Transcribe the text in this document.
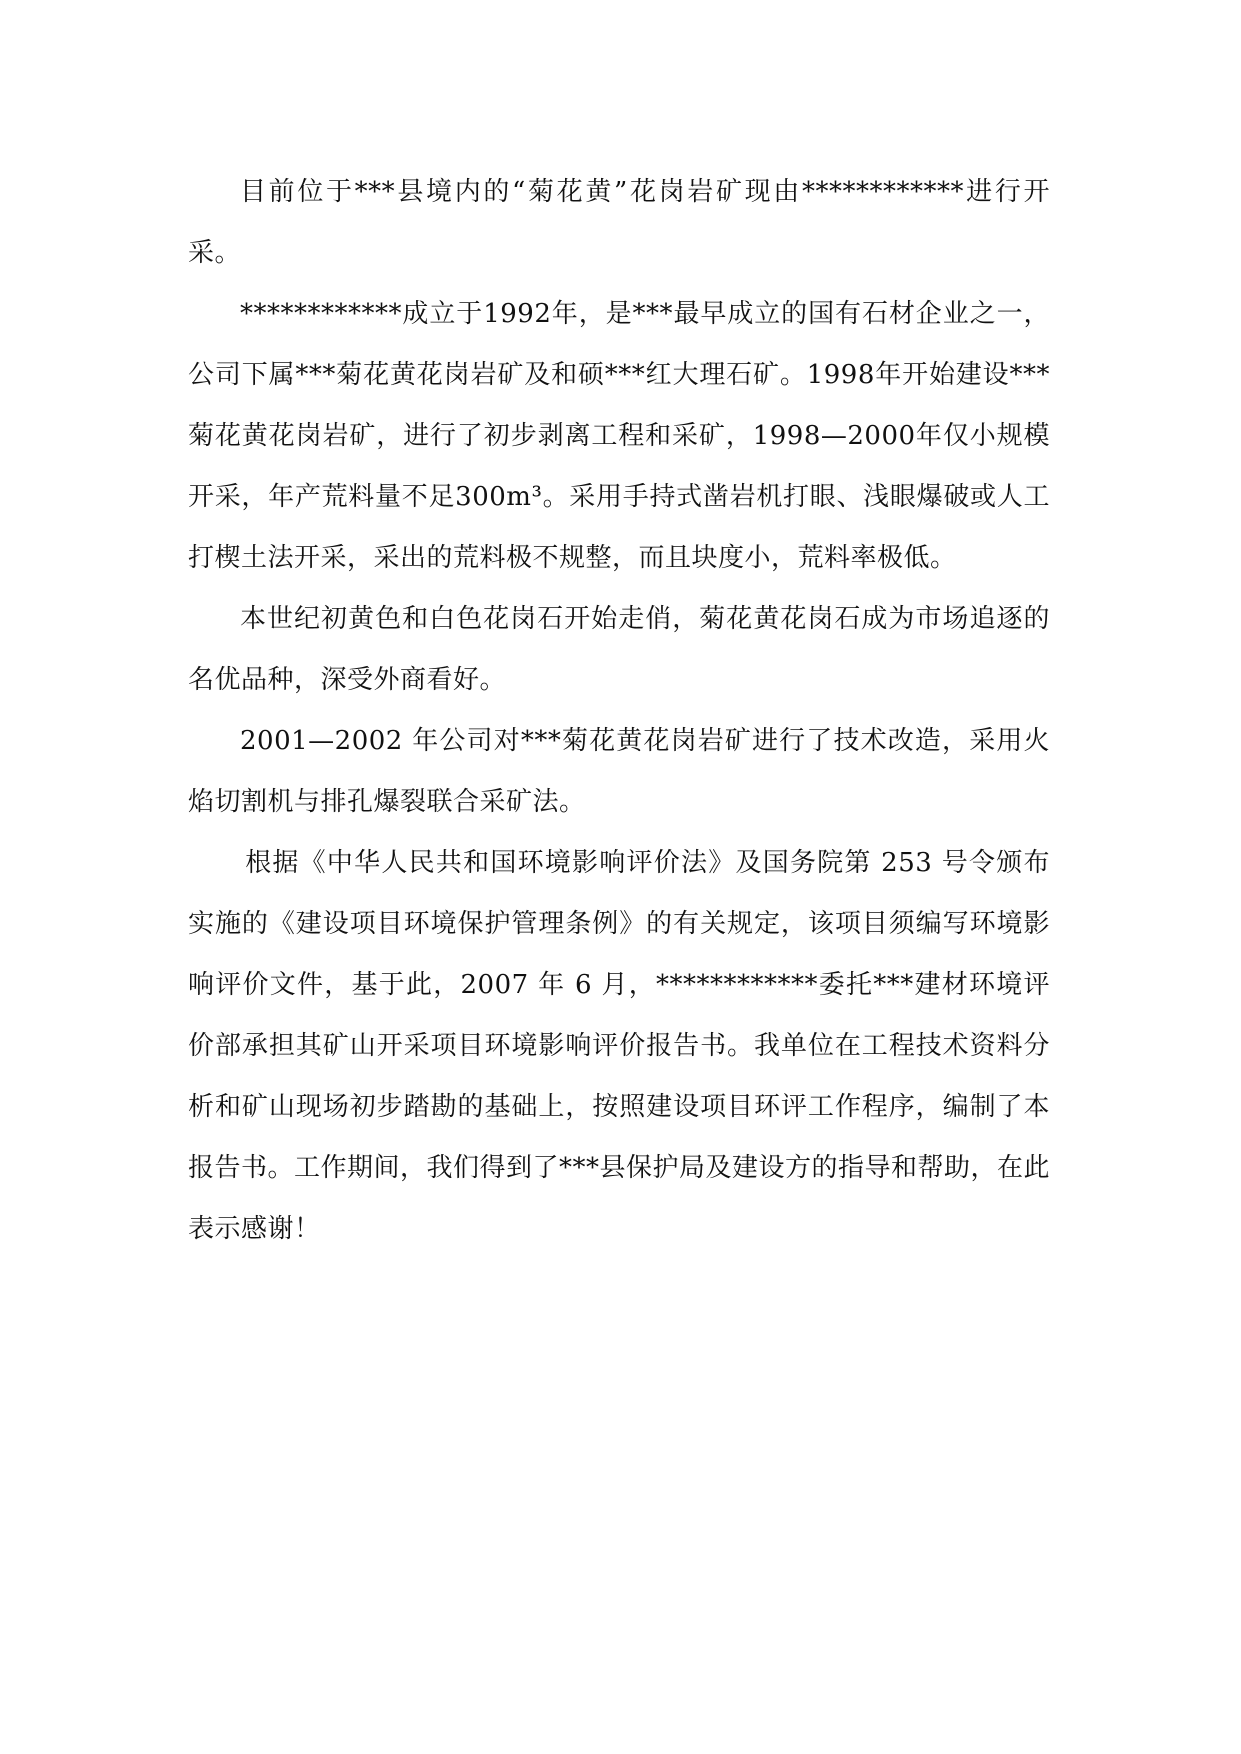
目前位于***县境内的“菊花黄”花岗岩矿现由************进行开采。

************成立于1992年，是***最早成立的国有石材企业之一，公司下属***菊花黄花岗岩矿及和硕***红大理石矿。1998年开始建设***菊花黄花岗岩矿，进行了初步剥离工程和采矿，1998—2000年仅小规模开采，年产荒料量不足300m³。采用手持式凿岩机打眼、浅眼爆破或人工打楔土法开采，采出的荒料极不规整，而且块度小，荒料率极低。

本世纪初黄色和白色花岗石开始走俏，菊花黄花岗石成为市场追逐的名优品种，深受外商看好。

2001—2002 年公司对***菊花黄花岗岩矿进行了技术改造，采用火焰切割机与排孔爆裂联合采矿法。

根据《中华人民共和国环境影响评价法》及国务院第 253 号令颁布实施的《建设项目环境保护管理条例》的有关规定，该项目须编写环境影响评价文件，基于此，2007 年 6 月，************委托***建材环境评价部承担其矿山开采项目环境影响评价报告书。我单位在工程技术资料分析和矿山现场初步踏勘的基础上，按照建设项目环评工作程序，编制了本报告书。工作期间，我们得到了***县保护局及建设方的指导和帮助，在此表示感谢！
